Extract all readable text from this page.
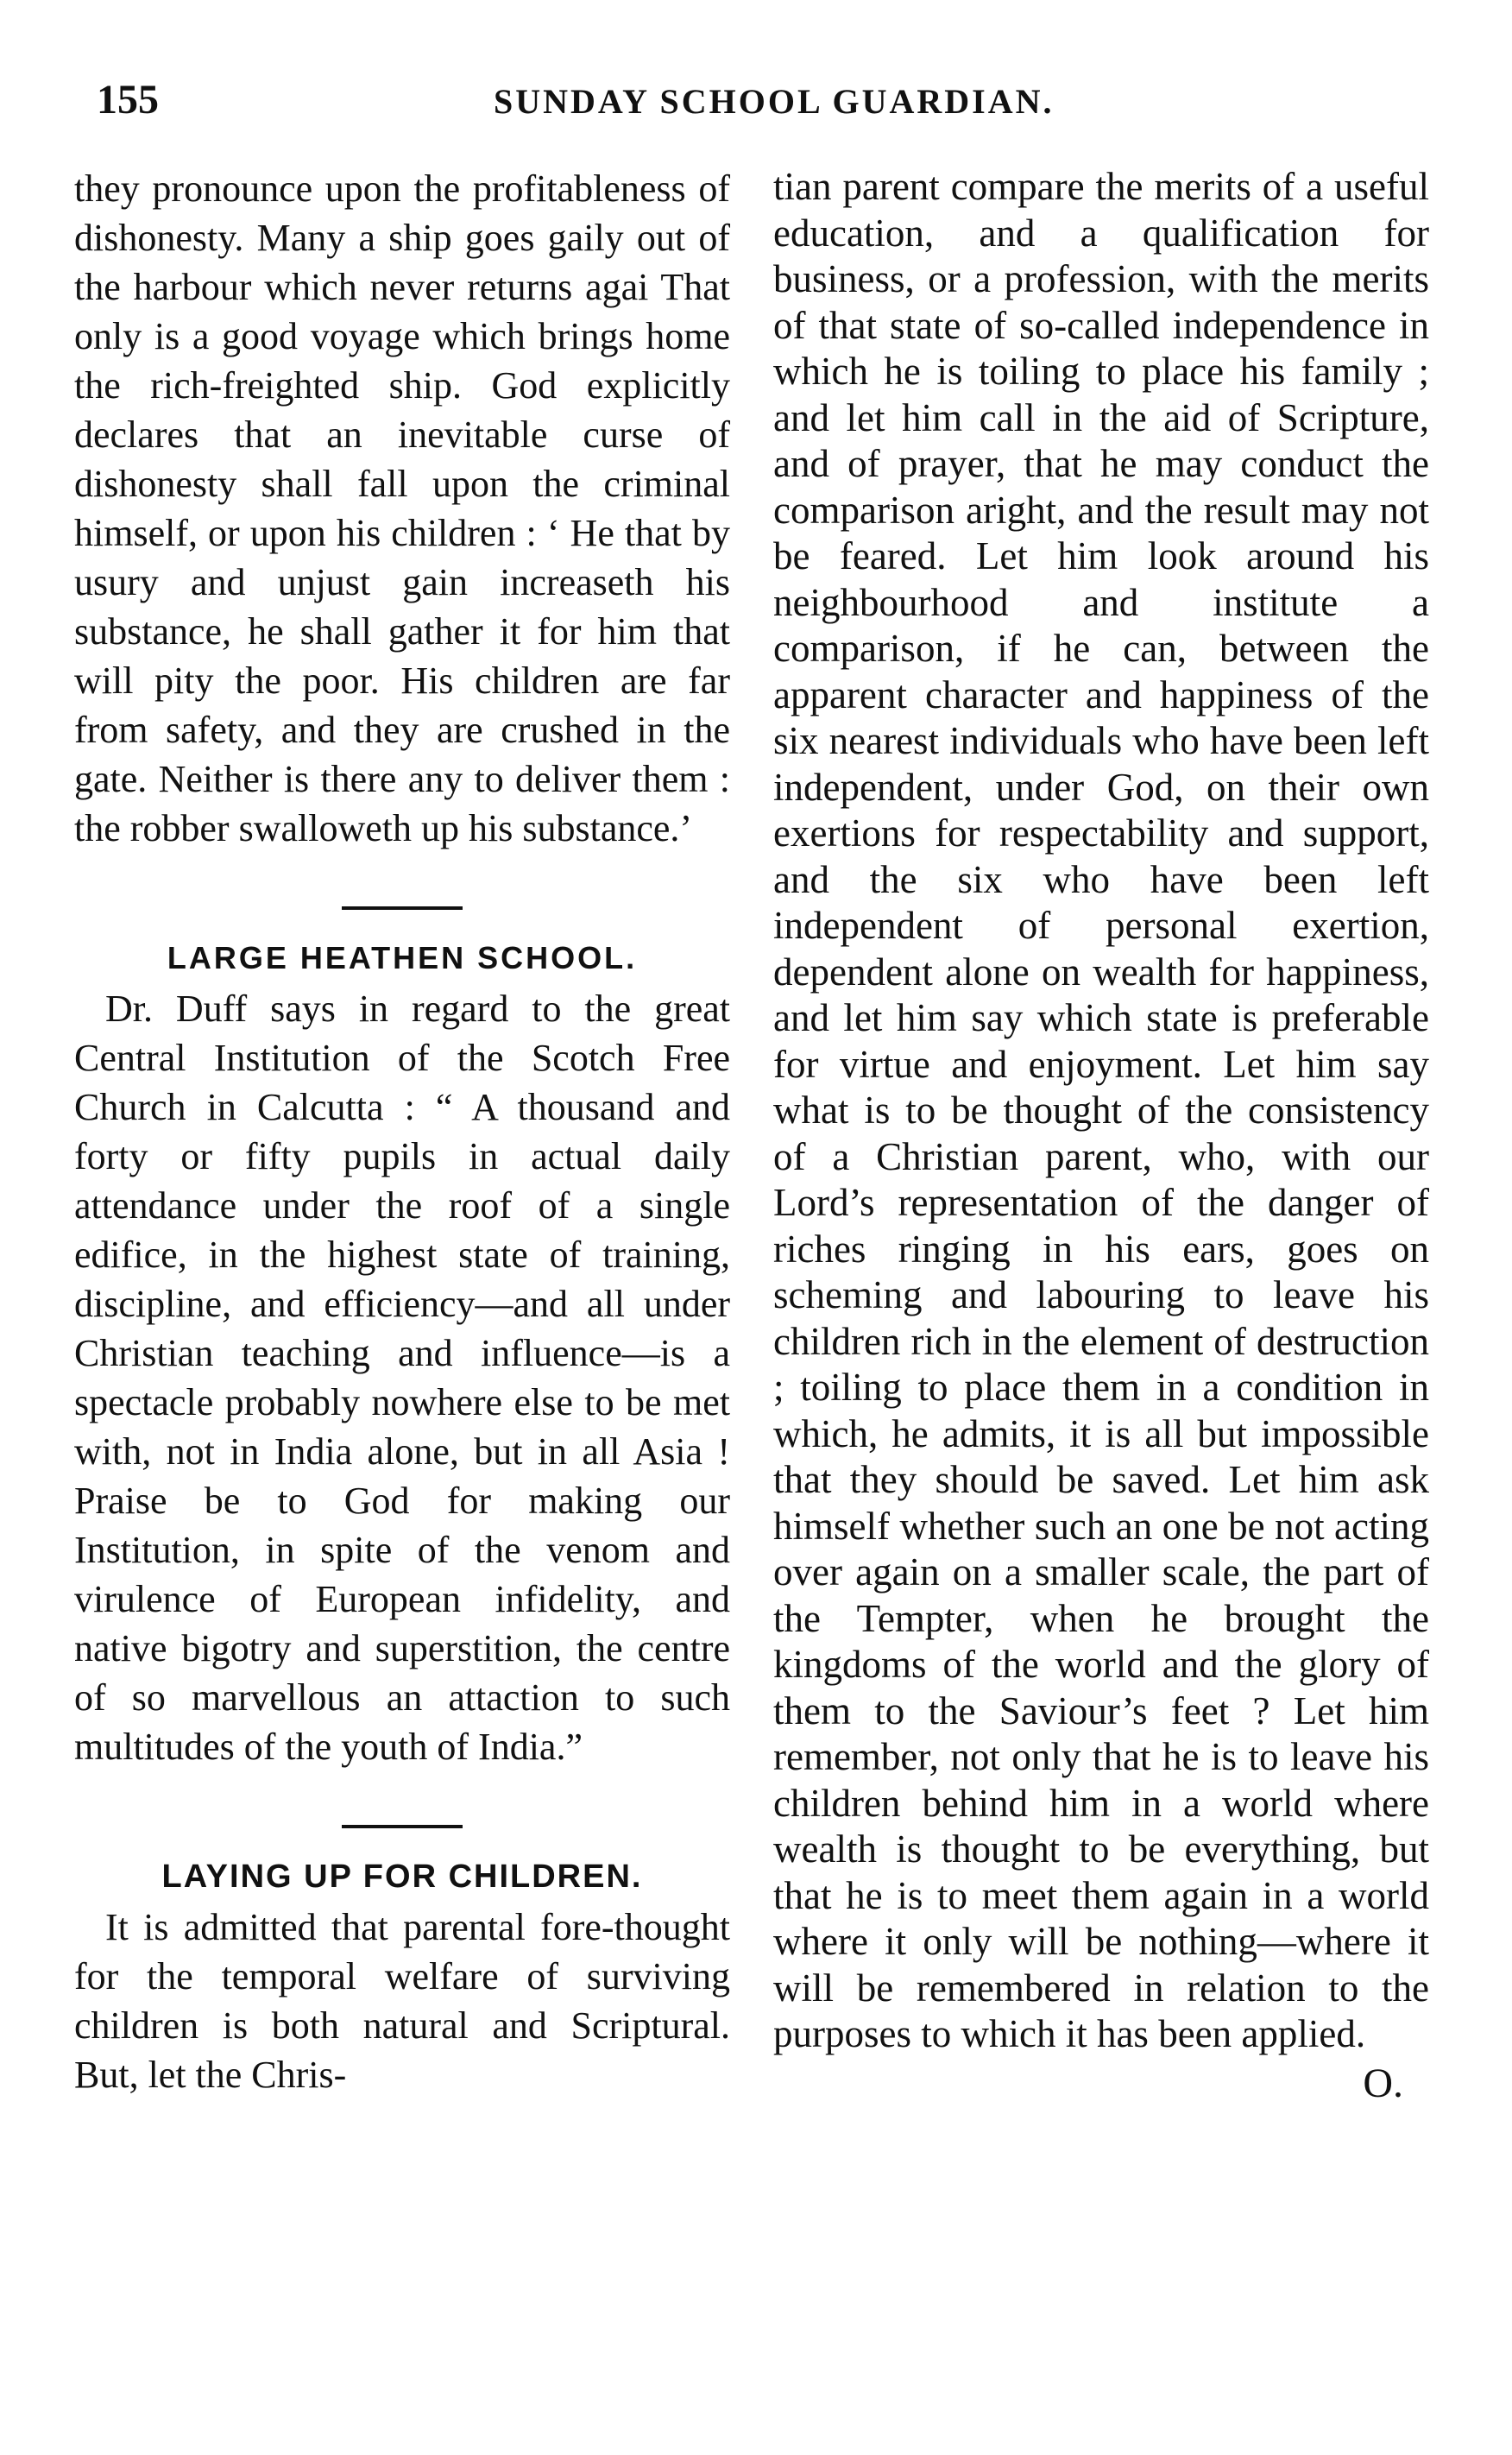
155	SUNDAY SCHOOL GUARDIAN.

they pronounce upon the profitableness of dishonesty. Many a ship goes gaily out of the harbour which never returns agai That only is a good voyage which brings home the rich-freighted ship. God explicitly declares that an inevitable curse of dishonesty shall fall upon the criminal himself, or upon his children : ‘ He that by usury and unjust gain increaseth his substance, he shall gather it for him that will pity the poor. His children are far from safety, and they are crushed in the gate. Neither is there any to deliver them : the robber swalloweth up his substance.’

LARGE HEATHEN SCHOOL.

Dr. Duff says in regard to the great Central Institution of the Scotch Free Church in Calcutta : “ A thousand and forty or fifty pupils in actual daily attendance under the roof of a single edifice, in the highest state of training, discipline, and efficiency—and all under Christian teaching and influence—is a spectacle probably nowhere else to be met with, not in India alone, but in all Asia ! Praise be to God for making our Institution, in spite of the venom and virulence of European infidelity, and native bigotry and superstition, the centre of so marvellous an attaction to such multitudes of the youth of India.”

LAYING UP FOR CHILDREN.

It is admitted that parental fore-thought for the temporal welfare of surviving children is both natural and Scriptural. But, let the Chris-

tian parent compare the merits of a useful education, and a qualification for business, or a profession, with the merits of that state of so-called independence in which he is toiling to place his family ; and let him call in the aid of Scripture, and of prayer, that he may conduct the comparison aright, and the result may not be feared. Let him look around his neighbourhood and institute a comparison, if he can, between the apparent character and happiness of the six nearest individuals who have been left independent, under God, on their own exertions for respectability and support, and the six who have been left independent of personal exertion, dependent alone on wealth for happiness, and let him say which state is preferable for virtue and enjoyment. Let him say what is to be thought of the consistency of a Christian parent, who, with our Lord’s representation of the danger of riches ringing in his ears, goes on scheming and labouring to leave his children rich in the element of destruction ; toiling to place them in a condition in which, he admits, it is all but impossible that they should be saved. Let him ask himself whether such an one be not acting over again on a smaller scale, the part of the Tempter, when he brought the kingdoms of the world and the glory of them to the Saviour’s feet ? Let him remember, not only that he is to leave his children behind him in a world where wealth is thought to be everything, but that he is to meet them again in a world where it only will be nothing—where it will be remembered in relation to the purposes to which it has been applied.

O.
